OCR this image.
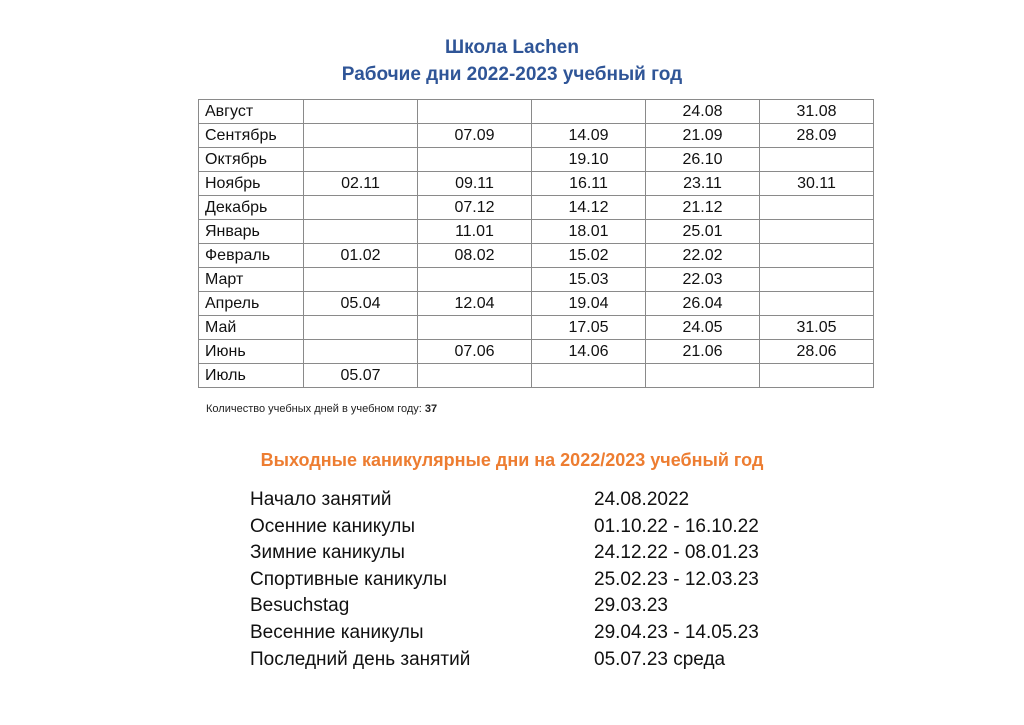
Школа Lachen
Рабочие дни 2022-2023 учебный год
Август				24.08	31.08
Сентябрь		07.09	14.09	21.09	28.09
Октябрь			19.10	26.10	
Ноябрь	02.11	09.11	16.11	23.11	30.11
Декабрь		07.12	14.12	21.12	
Январь		11.01	18.01	25.01	
Февраль	01.02	08.02	15.02	22.02	
Март			15.03	22.03	
Апрель	05.04	12.04	19.04	26.04	
Май			17.05	24.05	31.05
Июнь		07.06	14.06	21.06	28.06
Июль	05.07				
Количество учебных дней в учебном году: 37
Выходные каникулярные дни на 2022/2023 учебный год
Начало занятий	24.08.2022
Осенние каникулы	01.10.22 - 16.10.22
Зимние каникулы	24.12.22 - 08.01.23
Спортивные каникулы	25.02.23 - 12.03.23
Besuchstag	29.03.23
Весенние каникулы	29.04.23 - 14.05.23
Последний день занятий	05.07.23 среда
